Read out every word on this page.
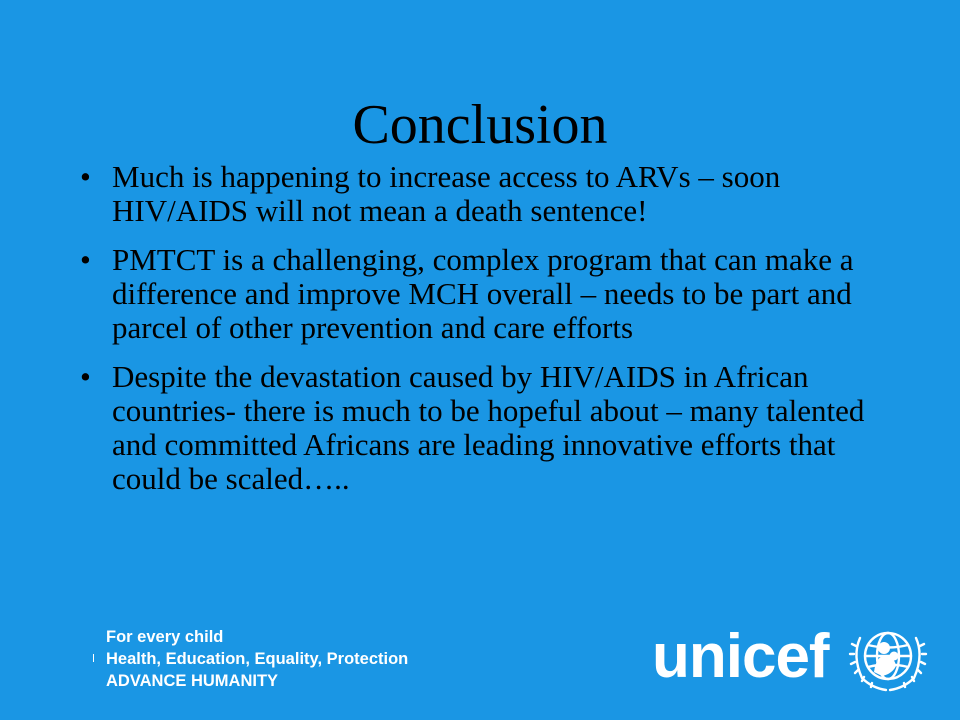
Conclusion
• Much is happening to increase access to ARVs – soon HIV/AIDS will not mean a death sentence!
• PMTCT is a challenging, complex program that can make a difference and improve MCH overall – needs to be part and parcel of other prevention and care efforts
• Despite the devastation caused by HIV/AIDS in African countries- there is much to be hopeful about – many talented and committed Africans are leading innovative efforts that could be scaled…..
For every child
Health, Education, Equality, Protection
ADVANCE HUMANITY	unicef
